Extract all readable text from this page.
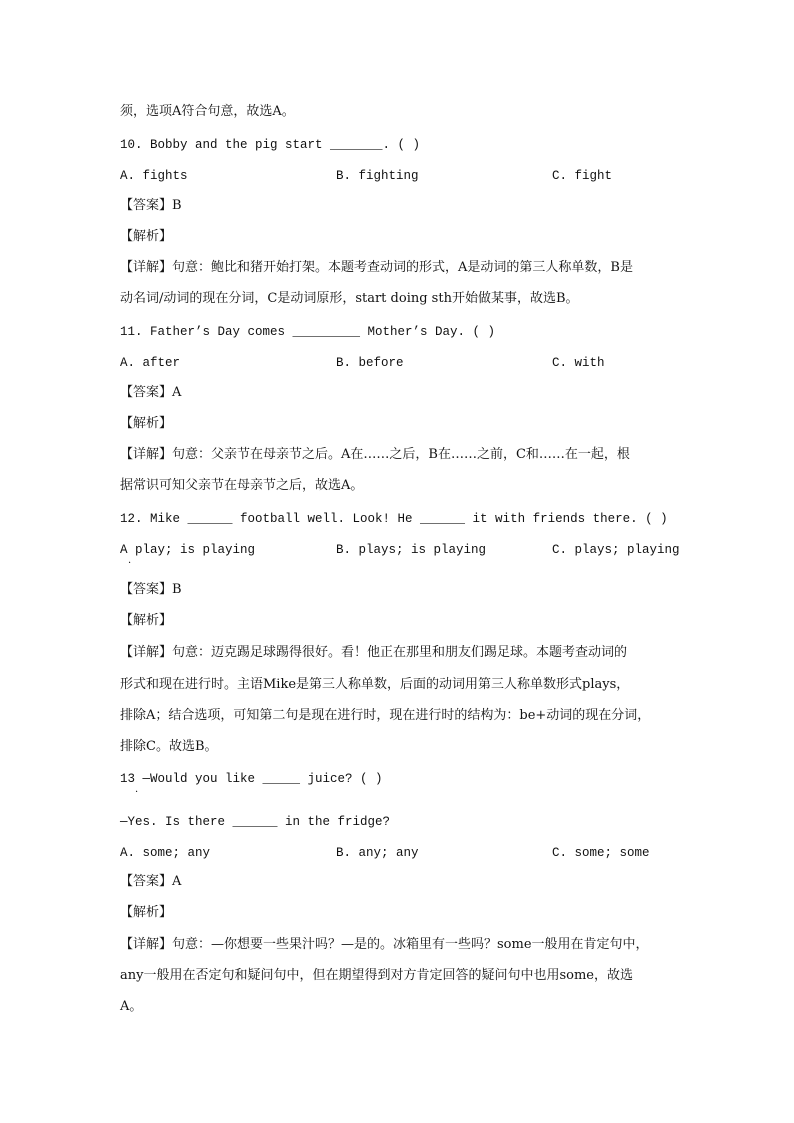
须，选项A符合句意，故选A。
10. Bobby and the pig start _______. ( )
A. fights	B. fighting	C. fight
【答案】B
【解析】
【详解】句意：鲍比和猪开始打架。本题考查动词的形式，A是动词的第三人称单数，B是
动名词/动词的现在分词，C是动词原形，start doing sth开始做某事，故选B。
11. Father’s Day comes _________ Mother’s Day. ( )
A. after	B. before	C. with
【答案】A
【解析】
【详解】句意：父亲节在母亲节之后。A在……之后，B在……之前，C和……在一起，根
据常识可知父亲节在母亲节之后，故选A。
12. Mike ______ football well. Look! He ______ it with friends there. ( )
A play; is playing
·
B. plays; is playing	C. plays; playing
【答案】B
【解析】
【详解】句意：迈克踢足球踢得很好。看！他正在那里和朋友们踢足球。本题考查动词的
形式和现在进行时。主语Mike是第三人称单数，后面的动词用第三人称单数形式plays，
排除A；结合选项，可知第二句是现在进行时，现在进行时的结构为：be+动词的现在分词，
排除C。故选B。
13 —Would you like _____ juice? ( )
·
—Yes. Is there ______ in the fridge?
A. some; any	B. any; any	C. some; some
【答案】A
【解析】
【详解】句意：—你想要一些果汁吗？—是的。冰箱里有一些吗？some一般用在肯定句中，
any一般用在否定句和疑问句中，但在期望得到对方肯定回答的疑问句中也用some，故选
A。
